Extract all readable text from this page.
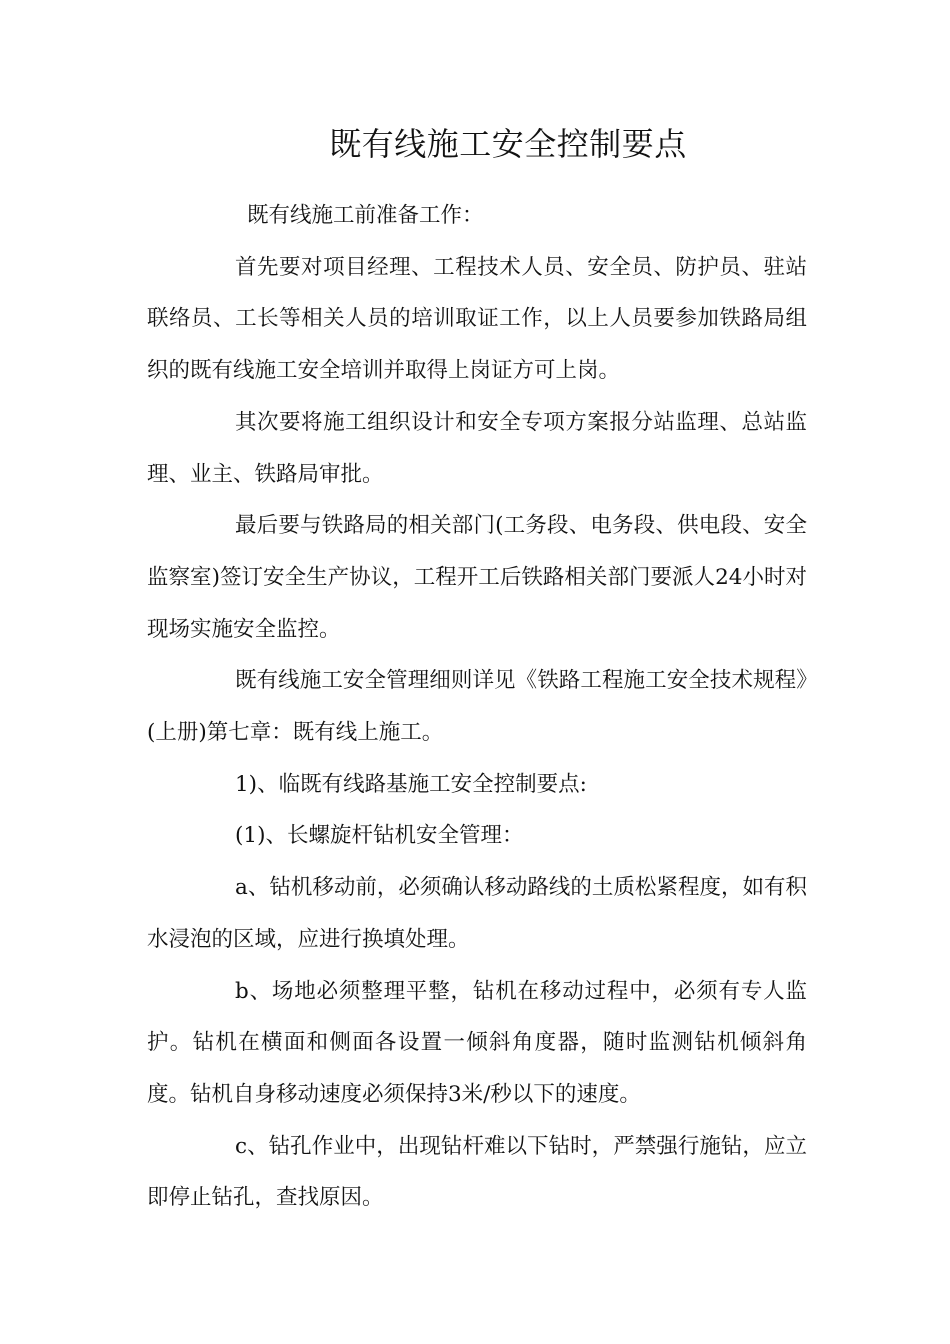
既有线施工安全控制要点

既有线施工前准备工作：

首先要对项目经理、工程技术人员、安全员、防护员、驻站联络员、工长等相关人员的培训取证工作，以上人员要参加铁路局组织的既有线施工安全培训并取得上岗证方可上岗。

其次要将施工组织设计和安全专项方案报分站监理、总站监理、业主、铁路局审批。

最后要与铁路局的相关部门(工务段、电务段、供电段、安全监察室)签订安全生产协议，工程开工后铁路相关部门要派人24小时对现场实施安全监控。

既有线施工安全管理细则详见《铁路工程施工安全技术规程》(上册)第七章：既有线上施工。

1)、临既有线路基施工安全控制要点:

(1)、长螺旋杆钻机安全管理：

a、钻机移动前，必须确认移动路线的土质松紧程度，如有积水浸泡的区域，应进行换填处理。

b、场地必须整理平整，钻机在移动过程中，必须有专人监护。钻机在横面和侧面各设置一倾斜角度器，随时监测钻机倾斜角度。钻机自身移动速度必须保持3米/秒以下的速度。

c、钻孔作业中，出现钻杆难以下钻时，严禁强行施钻，应立即停止钻孔，查找原因。
